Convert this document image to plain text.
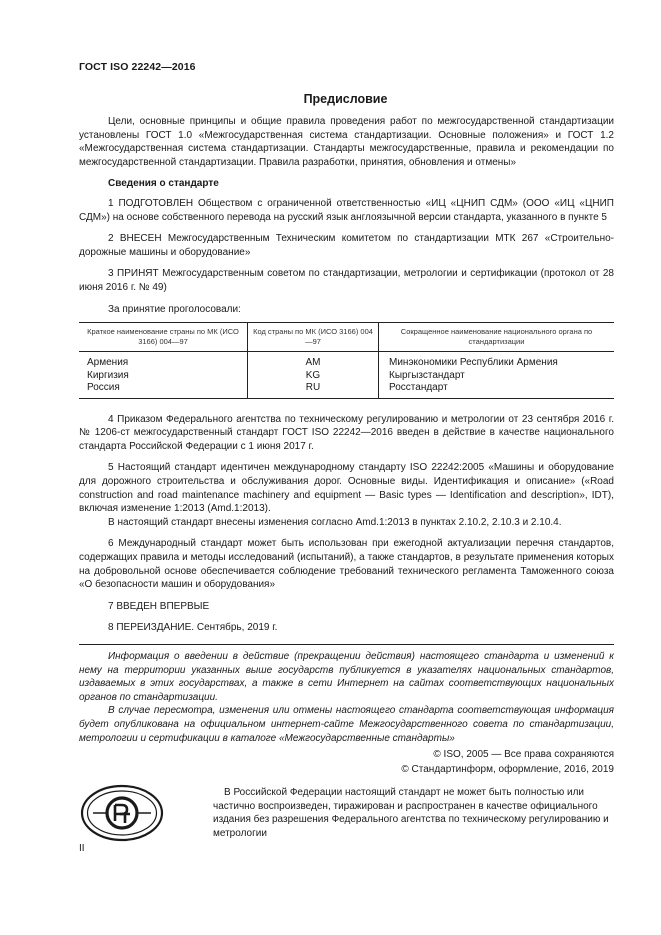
ГОСТ ISO 22242—2016
Предисловие

Цели, основные принципы и общие правила проведения работ по межгосударственной стандартизации установлены ГОСТ 1.0 «Межгосударственная система стандартизации. Основные положения» и ГОСТ 1.2 «Межгосударственная система стандартизации. Стандарты межгосударственные, правила и рекомендации по межгосударственной стандартизации. Правила разработки, принятия, обновления и отмены»

Сведения о стандарте

1 ПОДГОТОВЛЕН Обществом с ограниченной ответственностью «ИЦ «ЦНИП СДМ» (ООО «ИЦ «ЦНИП СДМ») на основе собственного перевода на русский язык англоязычной версии стандарта, указанного в пункте 5

2 ВНЕСЕН Межгосударственным Техническим комитетом по стандартизации МТК 267 «Строительно-дорожные машины и оборудование»

3 ПРИНЯТ Межгосударственным советом по стандартизации, метрологии и сертификации (протокол от 28 июня 2016 г. № 49)

За принятие проголосовали:

Краткое наименование страны по МК (ИСО 3166) 004—97	Код страны по МК (ИСО 3166) 004—97	Сокращенное наименование национального органа по стандартизации
Армения	AM	Минэкономики Республики Армения
Киргизия	KG	Кыргызстандарт
Россия	RU	Росстандарт

4 Приказом Федерального агентства по техническому регулированию и метрологии от 23 сентября 2016 г. № 1206-ст межгосударственный стандарт ГОСТ ISO 22242—2016 введен в действие в качестве национального стандарта Российской Федерации с 1 июня 2017 г.

5 Настоящий стандарт идентичен международному стандарту ISO 22242:2005 «Машины и оборудование для дорожного строительства и обслуживания дорог. Основные виды. Идентификация и описание» («Road construction and road maintenance machinery and equipment — Basic types — Identification and description», IDT), включая изменение 1:2013 (Amd.1:2013).

В настоящий стандарт внесены изменения согласно Amd.1:2013 в пунктах 2.10.2, 2.10.3 и 2.10.4.

6 Международный стандарт может быть использован при ежегодной актуализации перечня стандартов, содержащих правила и методы исследований (испытаний), а также стандартов, в результате применения которых на добровольной основе обеспечивается соблюдение требований технического регламента Таможенного союза «О безопасности машин и оборудования»

7 ВВЕДЕН ВПЕРВЫЕ

8 ПЕРЕИЗДАНИЕ. Сентябрь, 2019 г.

Информация о введении в действие (прекращении действия) настоящего стандарта и изменений к нему на территории указанных выше государств публикуется в указателях национальных стандартов, издаваемых в этих государствах, а также в сети Интернет на сайтах соответствующих национальных органов по стандартизации.

В случае пересмотра, изменения или отмены настоящего стандарта соответствующая информация будет опубликована на официальном интернет-сайте Межгосударственного совета по стандартизации, метрологии и сертификации в каталоге «Межгосударственные стандарты»

© ISO, 2005 — Все права сохраняются
© Стандартинформ, оформление, 2016, 2019

В Российской Федерации настоящий стандарт не может быть полностью или частично воспроизведен, тиражирован и распространен в качестве официального издания без разрешения Федерального агентства по техническому регулированию и метрологии

II
